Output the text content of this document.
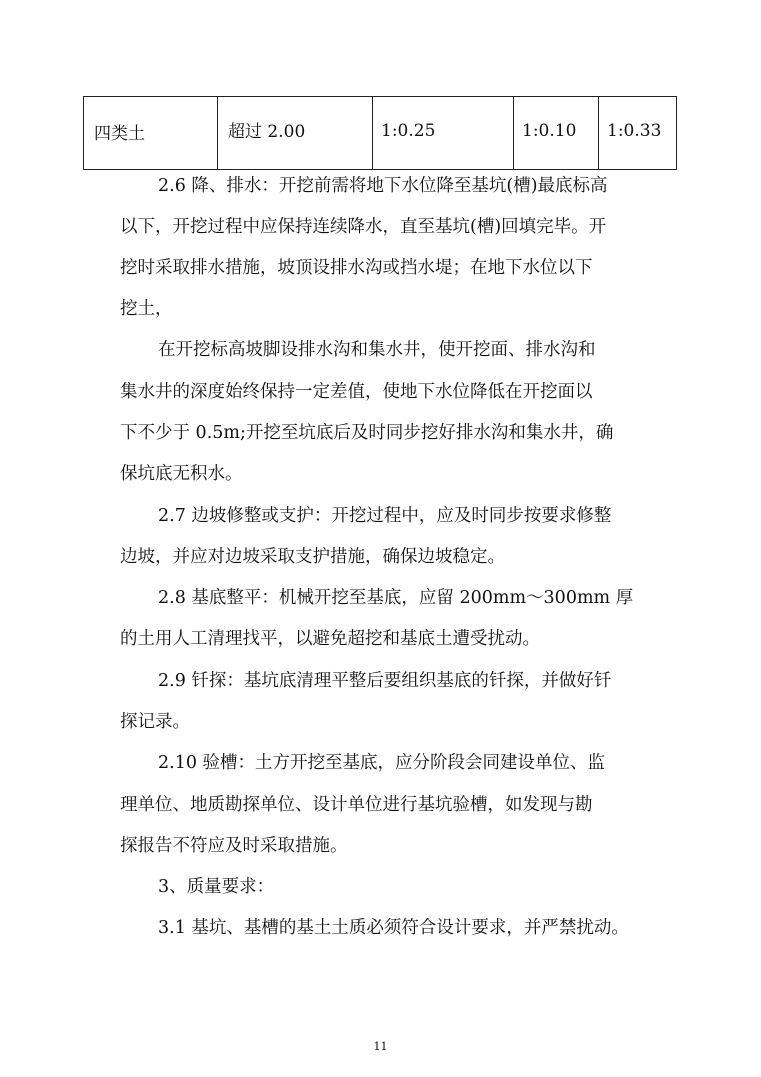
四类土	超过 2.00	1:0.25	1:0.10	1:0.33
2.6 降、排水：开挖前需将地下水位降至基坑(槽)最底标高
以下，开挖过程中应保持连续降水，直至基坑(槽)回填完毕。开
挖时采取排水措施，坡顶设排水沟或挡水堤；在地下水位以下
挖土，
在开挖标高坡脚设排水沟和集水井，使开挖面、排水沟和
集水井的深度始终保持一定差值，使地下水位降低在开挖面以
下不少于 0.5m;开挖至坑底后及时同步挖好排水沟和集水井，确
保坑底无积水。
2.7 边坡修整或支护：开挖过程中，应及时同步按要求修整
边坡，并应对边坡采取支护措施，确保边坡稳定。
2.8 基底整平：机械开挖至基底，应留 200mm～300mm 厚
的土用人工清理找平，以避免超挖和基底土遭受扰动。
2.9 钎探：基坑底清理平整后要组织基底的钎探，并做好钎
探记录。
2.10 验槽：土方开挖至基底，应分阶段会同建设单位、监
理单位、地质勘探单位、设计单位进行基坑验槽，如发现与勘
探报告不符应及时采取措施。
3、质量要求：
3.1 基坑、基槽的基土土质必须符合设计要求，并严禁扰动。
11
